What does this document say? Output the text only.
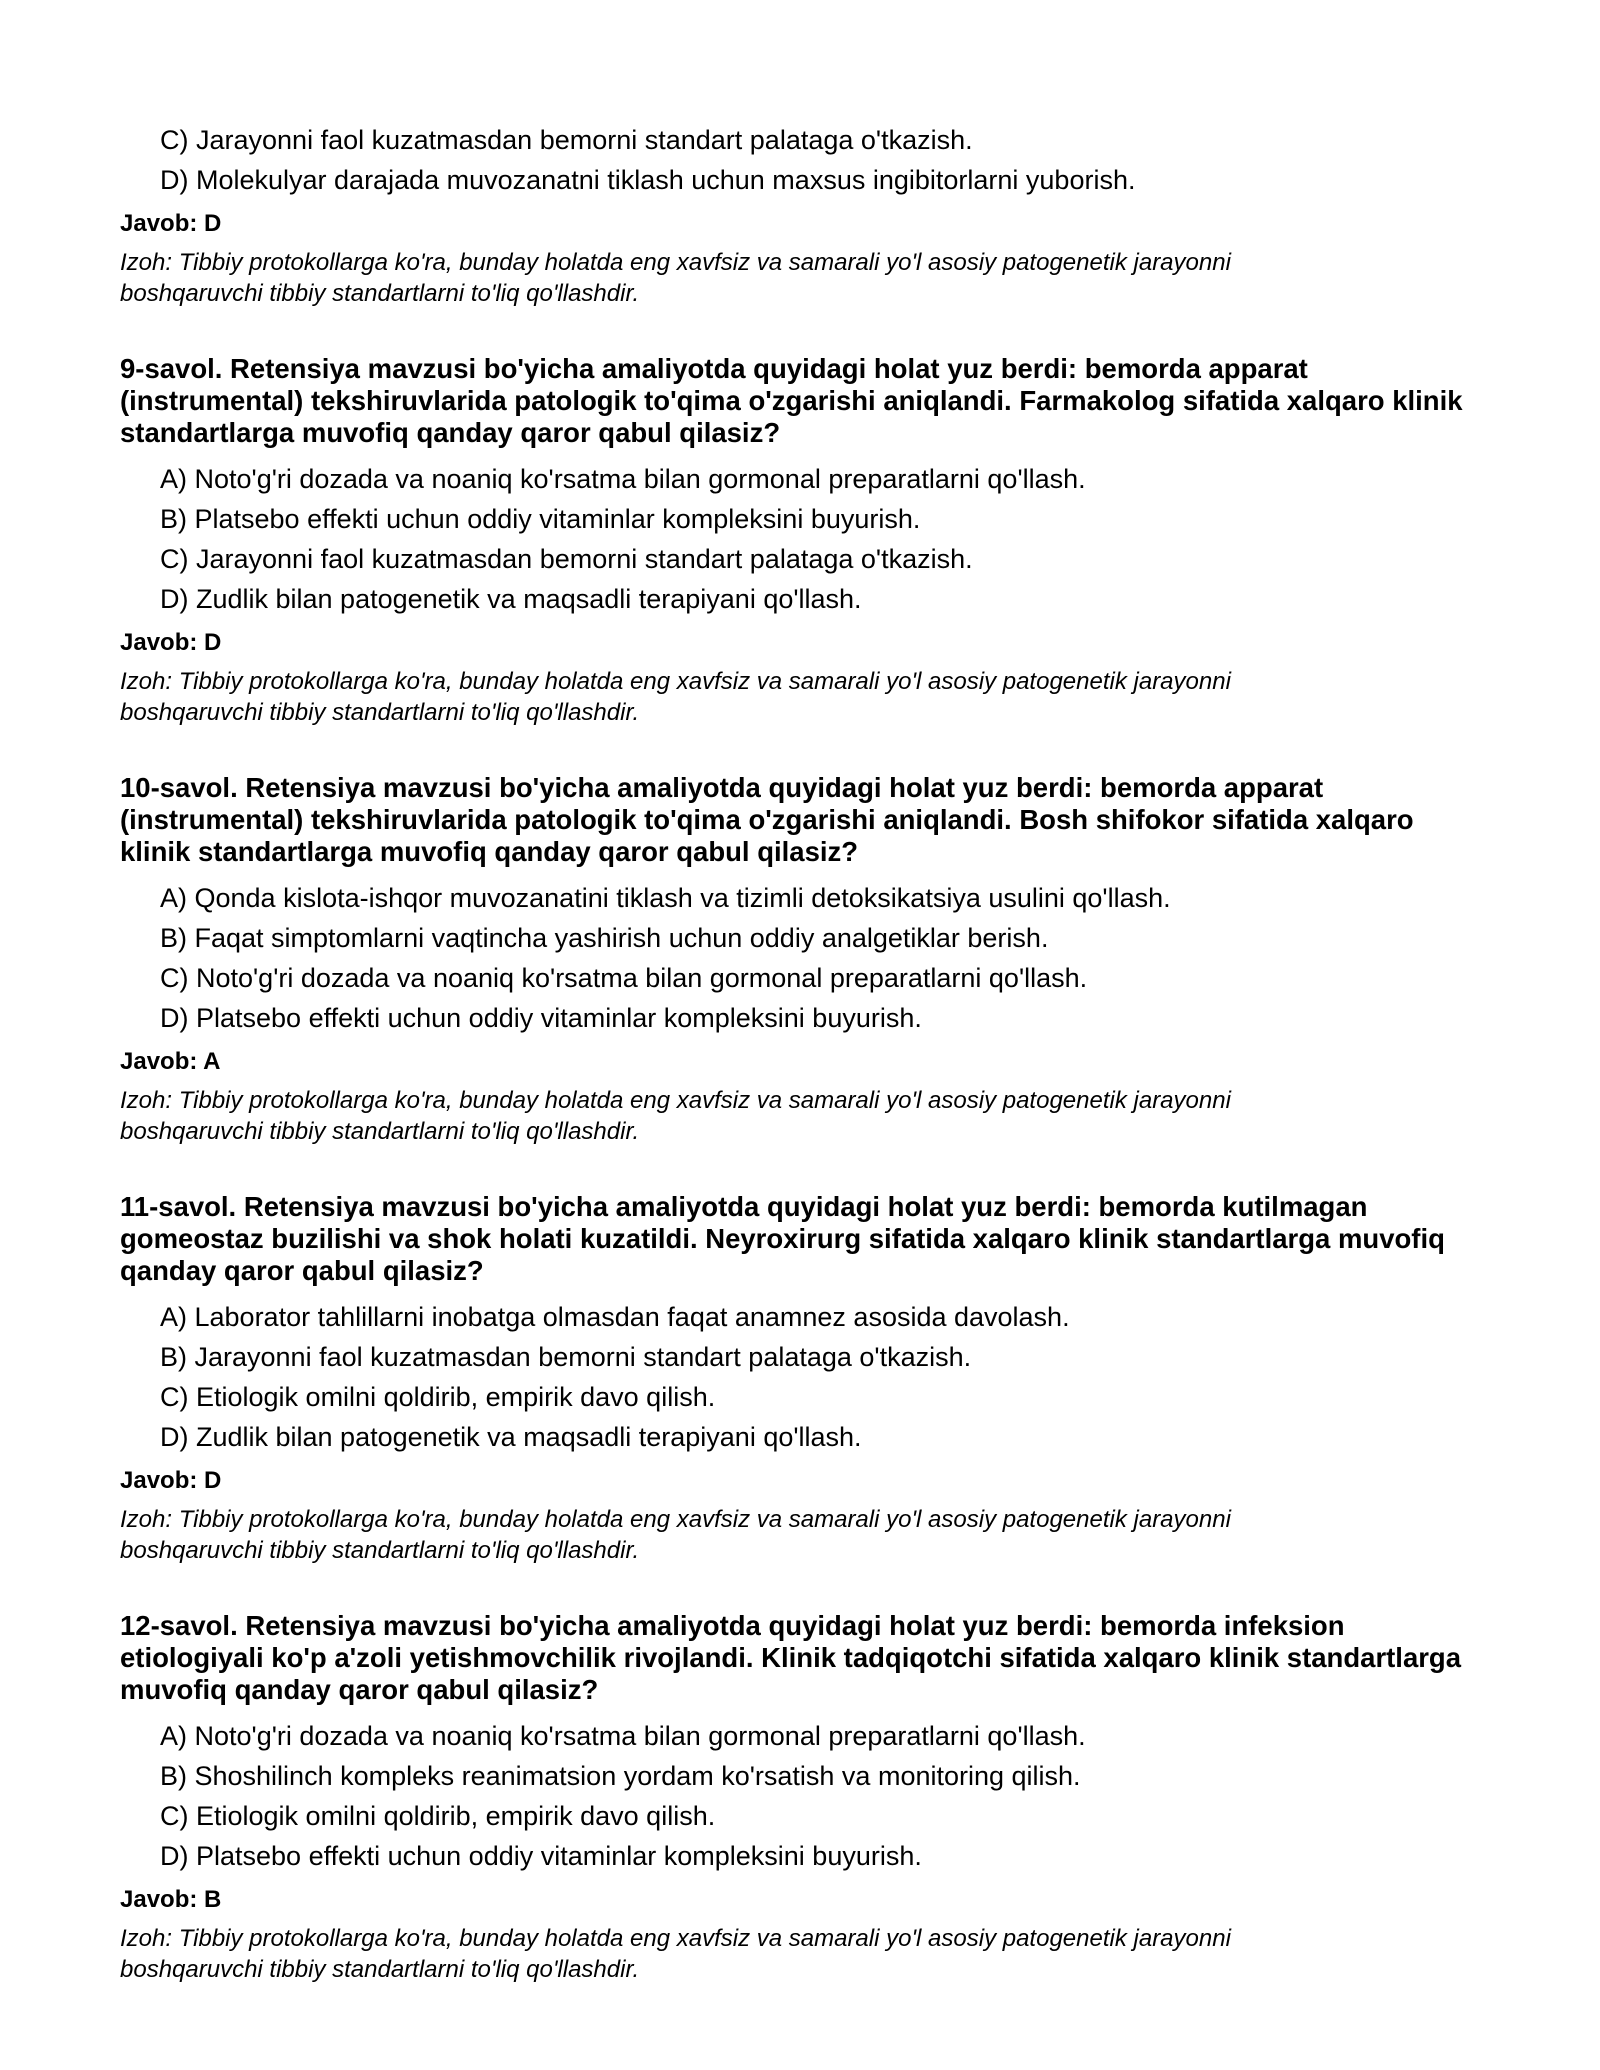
C) Jarayonni faol kuzatmasdan bemorni standart palataga o'tkazish.
D) Molekulyar darajada muvozanatni tiklash uchun maxsus ingibitorlarni yuborish.
Javob: D
Izoh: Tibbiy protokollarga ko'ra, bunday holatda eng xavfsiz va samarali yo'l asosiy patogenetik jarayonni boshqaruvchi tibbiy standartlarni to'liq qo'llashdir.
9-savol. Retensiya mavzusi bo'yicha amaliyotda quyidagi holat yuz berdi: bemorda apparat (instrumental) tekshiruvlarida patologik to'qima o'zgarishi aniqlandi. Farmakolog sifatida xalqaro klinik standartlarga muvofiq qanday qaror qabul qilasiz?
A) Noto'g'ri dozada va noaniq ko'rsatma bilan gormonal preparatlarni qo'llash.
B) Platsebo effekti uchun oddiy vitaminlar kompleksini buyurish.
C) Jarayonni faol kuzatmasdan bemorni standart palataga o'tkazish.
D) Zudlik bilan patogenetik va maqsadli terapiyani qo'llash.
Javob: D
Izoh: Tibbiy protokollarga ko'ra, bunday holatda eng xavfsiz va samarali yo'l asosiy patogenetik jarayonni boshqaruvchi tibbiy standartlarni to'liq qo'llashdir.
10-savol. Retensiya mavzusi bo'yicha amaliyotda quyidagi holat yuz berdi: bemorda apparat (instrumental) tekshiruvlarida patologik to'qima o'zgarishi aniqlandi. Bosh shifokor sifatida xalqaro klinik standartlarga muvofiq qanday qaror qabul qilasiz?
A) Qonda kislota-ishqor muvozanatini tiklash va tizimli detoksikatsiya usulini qo'llash.
B) Faqat simptomlarni vaqtincha yashirish uchun oddiy analgetiklar berish.
C) Noto'g'ri dozada va noaniq ko'rsatma bilan gormonal preparatlarni qo'llash.
D) Platsebo effekti uchun oddiy vitaminlar kompleksini buyurish.
Javob: A
Izoh: Tibbiy protokollarga ko'ra, bunday holatda eng xavfsiz va samarali yo'l asosiy patogenetik jarayonni boshqaruvchi tibbiy standartlarni to'liq qo'llashdir.
11-savol. Retensiya mavzusi bo'yicha amaliyotda quyidagi holat yuz berdi: bemorda kutilmagan gomeostaz buzilishi va shok holati kuzatildi. Neyroxirurg sifatida xalqaro klinik standartlarga muvofiq qanday qaror qabul qilasiz?
A) Laborator tahlillarni inobatga olmasdan faqat anamnez asosida davolash.
B) Jarayonni faol kuzatmasdan bemorni standart palataga o'tkazish.
C) Etiologik omilni qoldirib, empirik davo qilish.
D) Zudlik bilan patogenetik va maqsadli terapiyani qo'llash.
Javob: D
Izoh: Tibbiy protokollarga ko'ra, bunday holatda eng xavfsiz va samarali yo'l asosiy patogenetik jarayonni boshqaruvchi tibbiy standartlarni to'liq qo'llashdir.
12-savol. Retensiya mavzusi bo'yicha amaliyotda quyidagi holat yuz berdi: bemorda infeksion etiologiyali ko'p a'zoli yetishmovchilik rivojlandi. Klinik tadqiqotchi sifatida xalqaro klinik standartlarga muvofiq qanday qaror qabul qilasiz?
A) Noto'g'ri dozada va noaniq ko'rsatma bilan gormonal preparatlarni qo'llash.
B) Shoshilinch kompleks reanimatsion yordam ko'rsatish va monitoring qilish.
C) Etiologik omilni qoldirib, empirik davo qilish.
D) Platsebo effekti uchun oddiy vitaminlar kompleksini buyurish.
Javob: B
Izoh: Tibbiy protokollarga ko'ra, bunday holatda eng xavfsiz va samarali yo'l asosiy patogenetik jarayonni boshqaruvchi tibbiy standartlarni to'liq qo'llashdir.
